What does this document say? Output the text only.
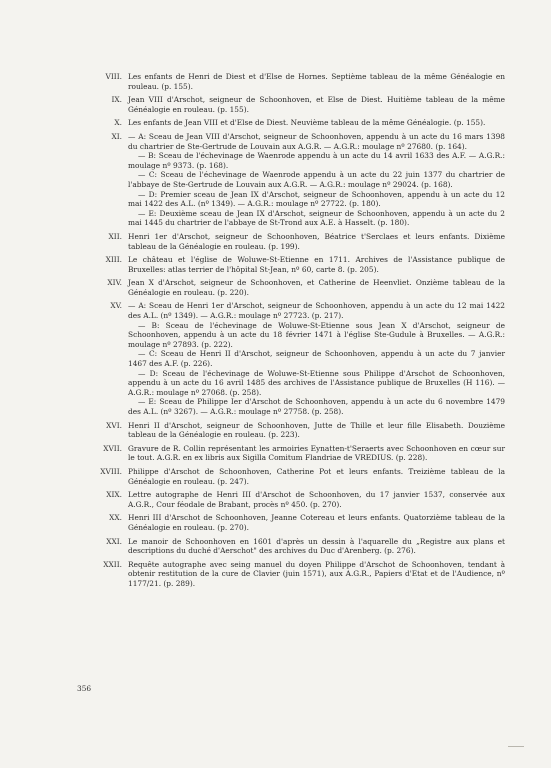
VIII. Les enfants de Henri de Diest et d'Else de Hornes. Septième tableau de la même Généalogie en rouleau. (p. 155).
IX. Jean VIII d'Arschot, seigneur de Schoonhoven, et Else de Diest. Huitième tableau de la même Généalogie en rouleau. (p. 155).
X. Les enfants de Jean VIII et d'Else de Diest. Neuvième tableau de la même Généalogie. (p. 155).
XI. — A: Sceau de Jean VIII d'Arschot, seigneur de Schoonhoven, appendu à un acte du 16 mars 1398 du chartrier de Ste-Gertrude de Louvain aux A.G.R. — A.G.R.: moulage nº 27680. (p. 164).
— B: Sceau de l'échevinage de Waenrode appendu à un acte du 14 avril 1633 des A.F. — A.G.R.: moulage nº 9373. (p. 168).
— C: Sceau de l'échevinage de Waenrode appendu à un acte du 22 juin 1377 du chartrier de l'abbaye de Ste-Gertrude de Louvain aux A.G.R. — A.G.R.: moulage nº 29024. (p. 168).
— D: Premier sceau de Jean IX d'Arschot, seigneur de Schoonhoven, appendu à un acte du 12 mai 1422 des A.L. (nº 1349). — A.G.R.: moulage nº 27722. (p. 180).
— E: Deuxième sceau de Jean IX d'Arschot, seigneur de Schoonhoven, appendu à un acte du 2 mai 1445 du chartrier de l'abbaye de St-Trond aux A.E. à Hasselt. (p. 180).
XII. Henri 1er d'Arschot, seigneur de Schoonhoven, Béatrice t'Serclaes et leurs enfants. Dixième tableau de la Généalogie en rouleau. (p. 199).
XIII. Le château et l'église de Woluwe-St-Etienne en 1711. Archives de l'Assistance publique de Bruxelles: atlas terrier de l'hôpital St-Jean, nº 60, carte 8. (p. 205).
XIV. Jean X d'Arschot, seigneur de Schoonhoven, et Catherine de Heenvliet. Onzième tableau de la Généalogie en rouleau. (p. 220).
XV. — A: Sceau de Henri 1er d'Arschot, seigneur de Schoonhoven, appendu à un acte du 12 mai 1422 des A.L. (nº 1349). — A.G.R.: moulage nº 27723. (p. 217).
— B: Sceau de l'échevinage de Woluwe-St-Etienne sous Jean X d'Arschot, seigneur de Schoonhoven, appendu à un acte du 18 février 1471 à l'église Ste-Gudule à Bruxelles. — A.G.R.: moulage nº 27893. (p. 222).
— C: Sceau de Henri II d'Arschot, seigneur de Schoonhoven, appendu à un acte du 7 janvier 1467 des A.F. (p. 226).
— D: Sceau de l'échevinage de Woluwe-St-Etienne sous Philippe d'Arschot de Schoonhoven, appendu à un acte du 16 avril 1485 des archives de l'Assistance publique de Bruxelles (H 116). — A.G.R.: moulage nº 27068. (p. 258).
— E: Sceau de Philippe Ier d'Arschot de Schoonhoven, appendu à un acte du 6 novembre 1479 des A.L. (nº 3267). — A.G.R.: moulage nº 27758. (p. 258).
XVI. Henri II d'Arschot, seigneur de Schoonhoven, Jutte de Thille et leur fille Elisabeth. Douzième tableau de la Généalogie en rouleau. (p. 223).
XVII. Gravure de R. Collin représentant les armoiries Eynatten-t'Seraerts avec Schoonhoven en cœur sur le tout. A.G.R. en ex libris aux Sigilla Comitum Flandriae de VREDIUS. (p. 228).
XVIII. Philippe d'Arschot de Schoonhoven, Catherine Pot et leurs enfants. Treizième tableau de la Généalogie en rouleau. (p. 247).
XIX. Lettre autographe de Henri III d'Arschot de Schoonhoven, du 17 janvier 1537, conservée aux A.G.R., Cour féodale de Brabant, procès nº 450. (p. 270).
XX. Henri III d'Arschot de Schoonhoven, Jeanne Cotereau et leurs enfants. Quatorzième tableau de la Généalogie en rouleau. (p. 270).
XXI. Le manoir de Schoonhoven en 1601 d'après un dessin à l'aquarelle du „Registre aux plans et descriptions du duché d'Aerschot" des archives du Duc d'Arenberg. (p. 276).
XXII. Requête autographe avec seing manuel du doyen Philippe d'Arschot de Schoonhoven, tendant à obtenir restitution de la cure de Clavier (juin 1571), aux A.G.R., Papiers d'Etat et de l'Audience, nº 1177/21. (p. 289).
356
